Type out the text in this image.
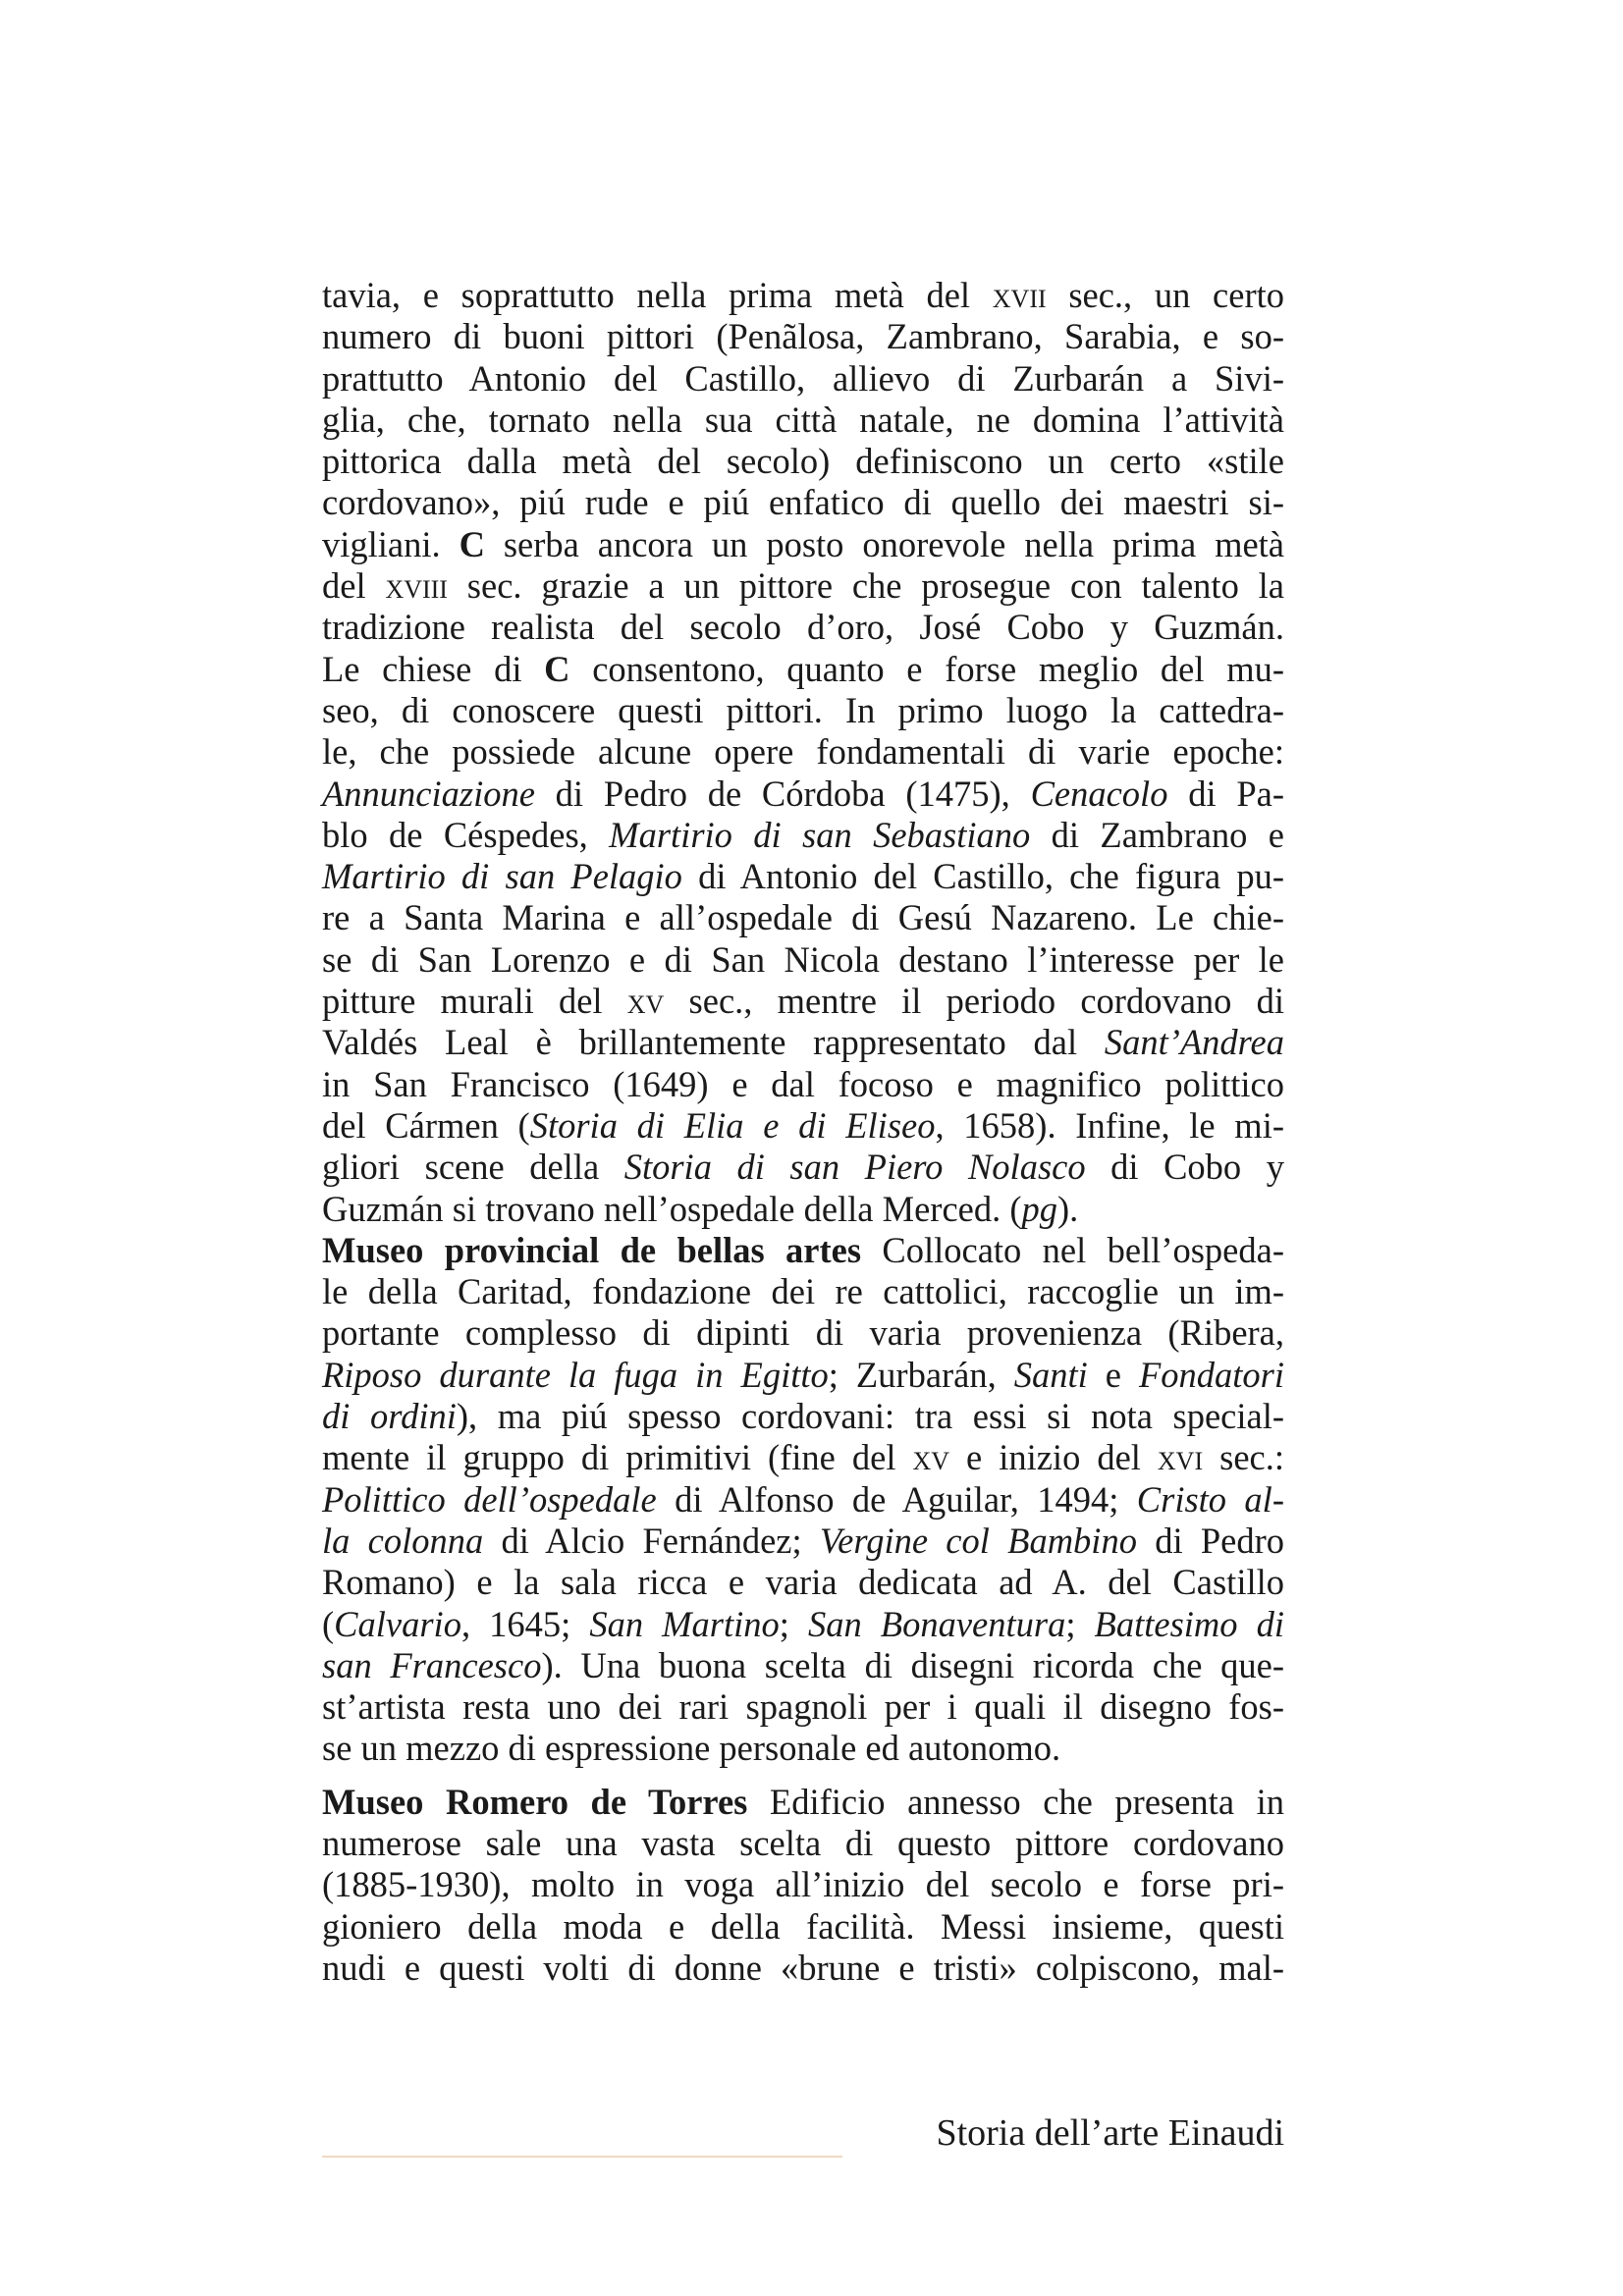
tavia, e soprattutto nella prima metà del xvii sec., un certo
numero di buoni pittori (Penãlosa, Zambrano, Sarabia, e so-
prattutto Antonio del Castillo, allievo di Zurbarán a Sivi-
glia, che, tornato nella sua città natale, ne domina l’attività
pittorica dalla metà del secolo) definiscono un certo «stile
cordovano», piú rude e piú enfatico di quello dei maestri si-
vigliani. C serba ancora un posto onorevole nella prima metà
del xviii sec. grazie a un pittore che prosegue con talento la
tradizione realista del secolo d’oro, José Cobo y Guzmán.
Le chiese di C consentono, quanto e forse meglio del mu-
seo, di conoscere questi pittori. In primo luogo la cattedra-
le, che possiede alcune opere fondamentali di varie epoche:
Annunciazione di Pedro de Córdoba (1475), Cenacolo di Pa-
blo de Céspedes, Martirio di san Sebastiano di Zambrano e
Martirio di san Pelagio di Antonio del Castillo, che figura pu-
re a Santa Marina e all’ospedale di Gesú Nazareno. Le chie-
se di San Lorenzo e di San Nicola destano l’interesse per le
pitture murali del xv sec., mentre il periodo cordovano di
Valdés Leal è brillantemente rappresentato dal Sant’Andrea
in San Francisco (1649) e dal focoso e magnifico polittico
del Cármen (Storia di Elia e di Eliseo, 1658). Infine, le mi-
gliori scene della Storia di san Piero Nolasco di Cobo y
Guzmán si trovano nell’ospedale della Merced. (pg).
Museo provincial de bellas artes Collocato nel bell’ospeda-
le della Caritad, fondazione dei re cattolici, raccoglie un im-
portante complesso di dipinti di varia provenienza (Ribera,
Riposo durante la fuga in Egitto; Zurbarán, Santi e Fondatori
di ordini), ma piú spesso cordovani: tra essi si nota special-
mente il gruppo di primitivi (fine del xv e inizio del xvi sec.:
Polittico dell’ospedale di Alfonso de Aguilar, 1494; Cristo al-
la colonna di Alcio Fernández; Vergine col Bambino di Pedro
Romano) e la sala ricca e varia dedicata ad A. del Castillo
(Calvario, 1645; San Martino; San Bonaventura; Battesimo di
san Francesco). Una buona scelta di disegni ricorda che que-
st’artista resta uno dei rari spagnoli per i quali il disegno fos-
se un mezzo di espressione personale ed autonomo.
Museo Romero de Torres Edificio annesso che presenta in
numerose sale una vasta scelta di questo pittore cordovano
(1885-1930), molto in voga all’inizio del secolo e forse pri-
gioniero della moda e della facilità. Messi insieme, questi
nudi e questi volti di donne «brune e tristi» colpiscono, mal-
Storia dell’arte Einaudi
